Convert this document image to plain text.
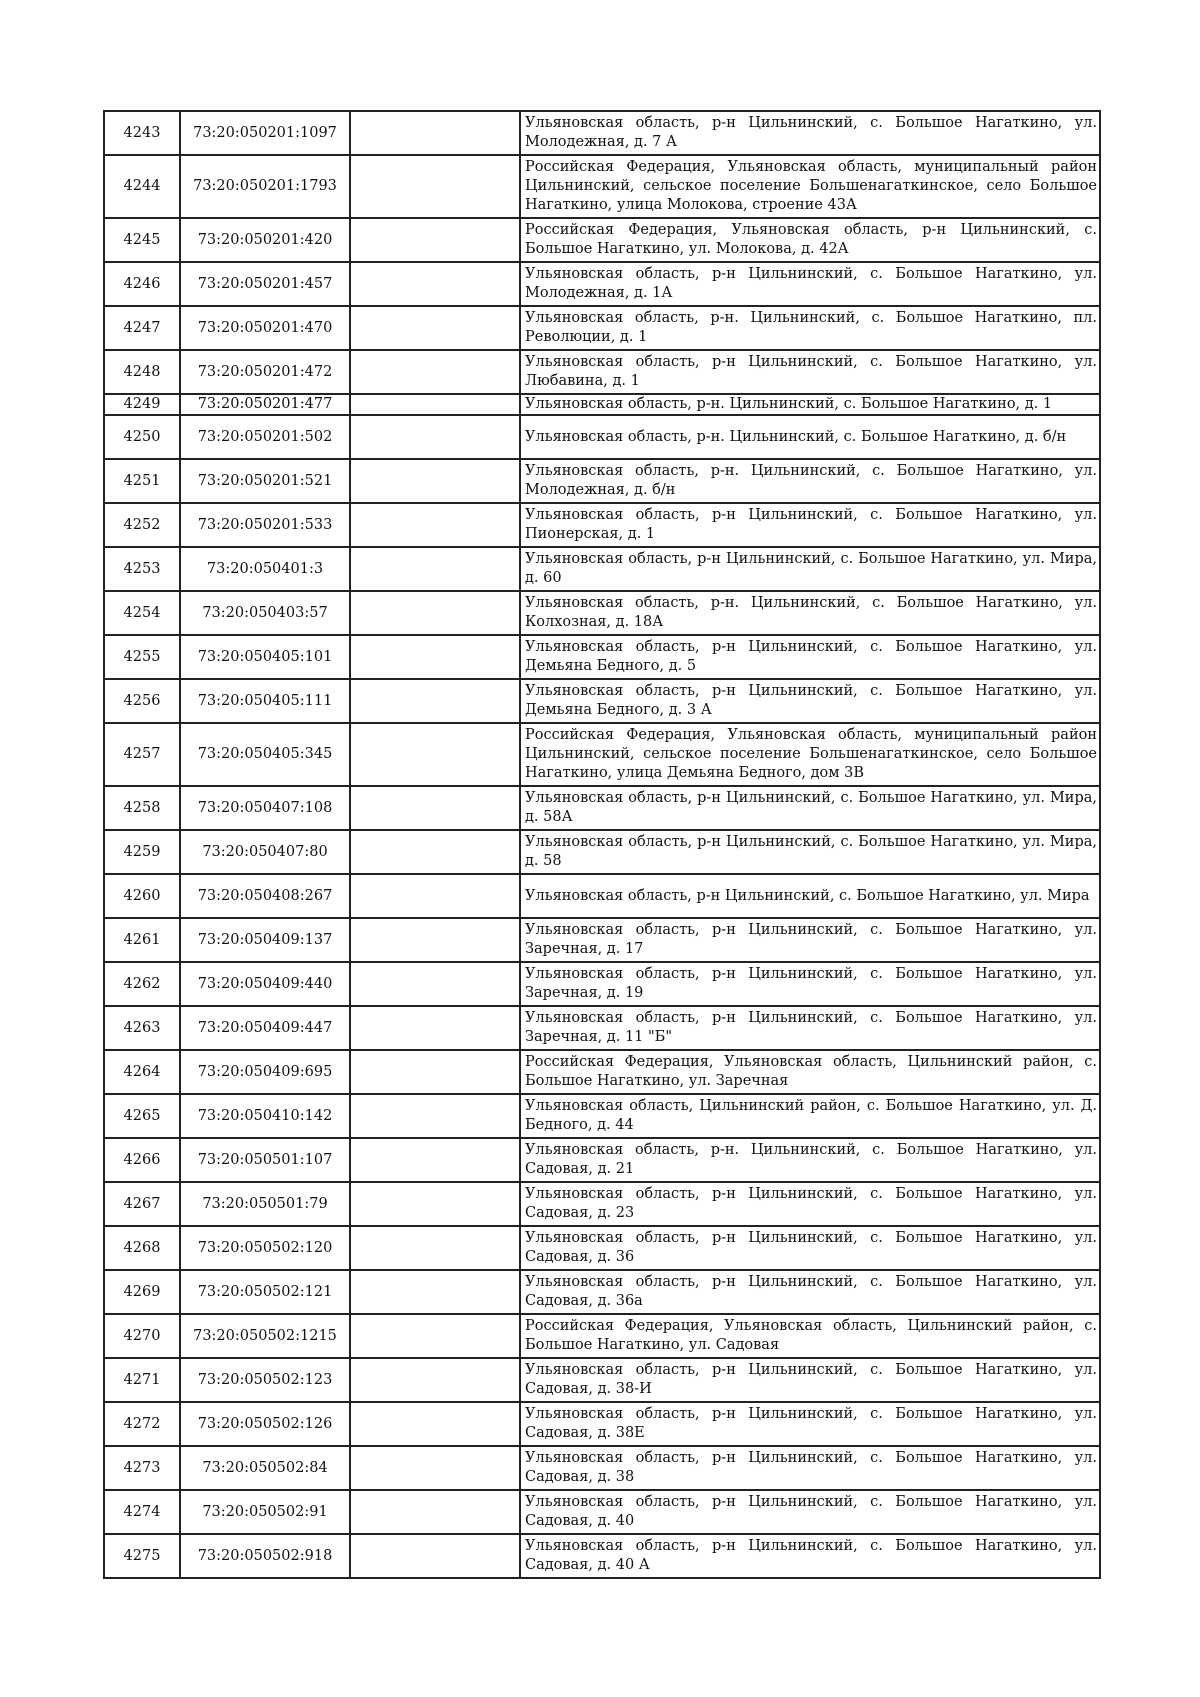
4243	73:20:050201:1097		Ульяновская область, р-н Цильнинский, с. Большое Нагаткино, ул. Молодежная, д. 7 А
4244	73:20:050201:1793		Российская Федерация, Ульяновская область, муниципальный район Цильнинский, сельское поселение Большенагаткинское, село Большое Нагаткино, улица Молокова, строение 43А
4245	73:20:050201:420		Российская Федерация, Ульяновская область, р-н Цильнинский, с. Большое Нагаткино, ул. Молокова, д. 42А
4246	73:20:050201:457		Ульяновская область, р-н Цильнинский, с. Большое Нагаткино, ул. Молодежная, д. 1А
4247	73:20:050201:470		Ульяновская область, р-н. Цильнинский, с. Большое Нагаткино, пл. Революции, д. 1
4248	73:20:050201:472		Ульяновская область, р-н Цильнинский, с. Большое Нагаткино, ул. Любавина, д. 1
4249	73:20:050201:477		Ульяновская область, р-н. Цильнинский, с. Большое Нагаткино, д. 1
4250	73:20:050201:502		Ульяновская область, р-н. Цильнинский, с. Большое Нагаткино, д. б/н
4251	73:20:050201:521		Ульяновская область, р-н. Цильнинский, с. Большое Нагаткино, ул. Молодежная, д. б/н
4252	73:20:050201:533		Ульяновская область, р-н Цильнинский, с. Большое Нагаткино, ул. Пионерская, д. 1
4253	73:20:050401:3		Ульяновская область, р-н Цильнинский, с. Большое Нагаткино, ул. Мира, д. 60
4254	73:20:050403:57		Ульяновская область, р-н. Цильнинский, с. Большое Нагаткино, ул. Колхозная, д. 18А
4255	73:20:050405:101		Ульяновская область, р-н Цильнинский, с. Большое Нагаткино, ул. Демьяна Бедного, д. 5
4256	73:20:050405:111		Ульяновская область, р-н Цильнинский, с. Большое Нагаткино, ул. Демьяна Бедного, д. 3 А
4257	73:20:050405:345		Российская Федерация, Ульяновская область, муниципальный район Цильнинский, сельское поселение Большенагаткинское, село Большое Нагаткино, улица Демьяна Бедного, дом 3В
4258	73:20:050407:108		Ульяновская область, р-н Цильнинский, с. Большое Нагаткино, ул. Мира, д. 58А
4259	73:20:050407:80		Ульяновская область, р-н Цильнинский, с. Большое Нагаткино, ул. Мира, д. 58
4260	73:20:050408:267		Ульяновская область, р-н Цильнинский, с. Большое Нагаткино, ул. Мира
4261	73:20:050409:137		Ульяновская область, р-н Цильнинский, с. Большое Нагаткино, ул. Заречная, д. 17
4262	73:20:050409:440		Ульяновская область, р-н Цильнинский, с. Большое Нагаткино, ул. Заречная, д. 19
4263	73:20:050409:447		Ульяновская область, р-н Цильнинский, с. Большое Нагаткино, ул. Заречная, д. 11 "Б"
4264	73:20:050409:695		Российская Федерация, Ульяновская область, Цильнинский район, с. Большое Нагаткино, ул. Заречная
4265	73:20:050410:142		Ульяновская область, Цильнинский район, с. Большое Нагаткино, ул. Д. Бедного, д. 44
4266	73:20:050501:107		Ульяновская область, р-н. Цильнинский, с. Большое Нагаткино, ул. Садовая, д. 21
4267	73:20:050501:79		Ульяновская область, р-н Цильнинский, с. Большое Нагаткино, ул. Садовая, д. 23
4268	73:20:050502:120		Ульяновская область, р-н Цильнинский, с. Большое Нагаткино, ул. Садовая, д. 36
4269	73:20:050502:121		Ульяновская область, р-н Цильнинский, с. Большое Нагаткино, ул. Садовая, д. 36а
4270	73:20:050502:1215		Российская Федерация, Ульяновская область, Цильнинский район, с. Большое Нагаткино, ул. Садовая
4271	73:20:050502:123		Ульяновская область, р-н Цильнинский, с. Большое Нагаткино, ул. Садовая, д. 38-И
4272	73:20:050502:126		Ульяновская область, р-н Цильнинский, с. Большое Нагаткино, ул. Садовая, д. 38Е
4273	73:20:050502:84		Ульяновская область, р-н Цильнинский, с. Большое Нагаткино, ул. Садовая, д. 38
4274	73:20:050502:91		Ульяновская область, р-н Цильнинский, с. Большое Нагаткино, ул. Садовая, д. 40
4275	73:20:050502:918		Ульяновская область, р-н Цильнинский, с. Большое Нагаткино, ул. Садовая, д. 40 А
